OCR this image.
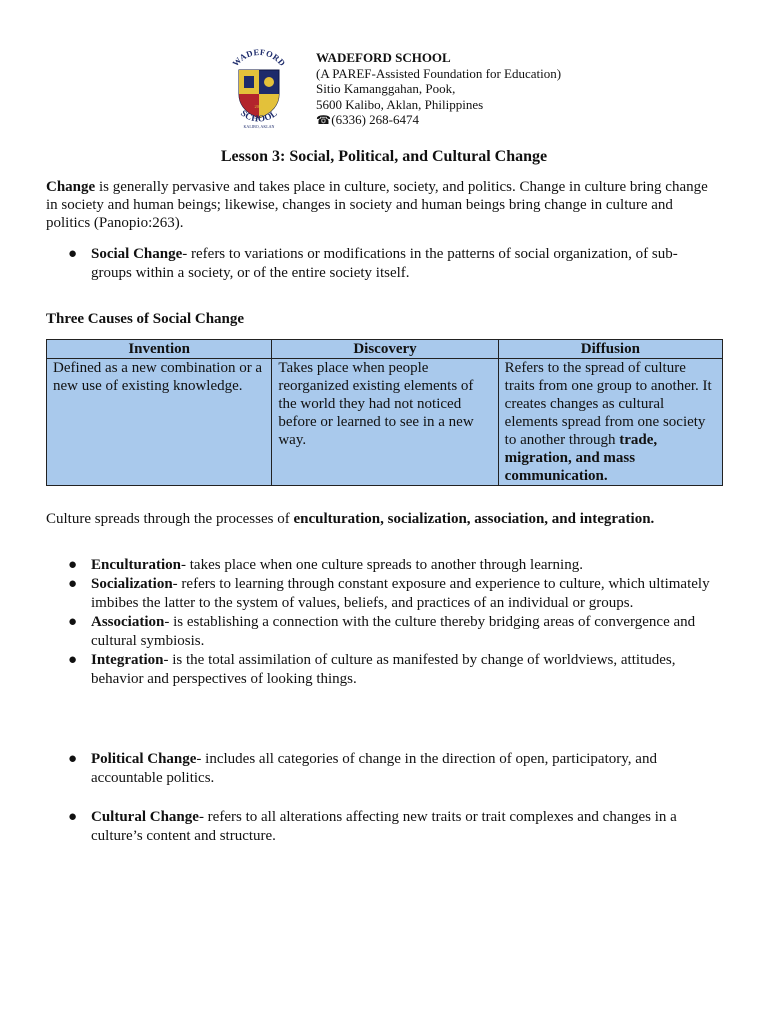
WADEFORD
2003
SCHOOL
KALIBO, AKLAN
WADEFORD SCHOOL
(A PAREF-Assisted Foundation for Education)
Sitio Kamanggahan, Pook,
5600 Kalibo, Aklan, Philippines
☎ (6336) 268-6474
Lesson 3: Social, Political, and Cultural Change
Change is generally pervasive and takes place in culture, society, and politics. Change in culture bring change in society and human beings; likewise, changes in society and human beings bring change in culture and politics (Panopio:263).
● Social Change- refers to variations or modifications in the patterns of social organization, of sub-groups within a society, or of the entire society itself.
Three Causes of Social Change
Invention	Discovery	Diffusion
Defined as a new combination or a new use of existing knowledge.	Takes place when people reorganized existing elements of the world they had not noticed before or learned to see in a new way.	Refers to the spread of culture traits from one group to another. It creates changes as cultural elements spread from one society to another through trade, migration, and mass communication.
Culture spreads through the processes of enculturation, socialization, association, and integration.
● Enculturation- takes place when one culture spreads to another through learning.
● Socialization- refers to learning through constant exposure and experience to culture, which ultimately imbibes the latter to the system of values, beliefs, and practices of an individual or groups.
● Association- is establishing a connection with the culture thereby bridging areas of convergence and cultural symbiosis.
● Integration- is the total assimilation of culture as manifested by change of worldviews, attitudes, behavior and perspectives of looking things.
● Political Change- includes all categories of change in the direction of open, participatory, and accountable politics.
● Cultural Change- refers to all alterations affecting new traits or trait complexes and changes in a culture’s content and structure.
